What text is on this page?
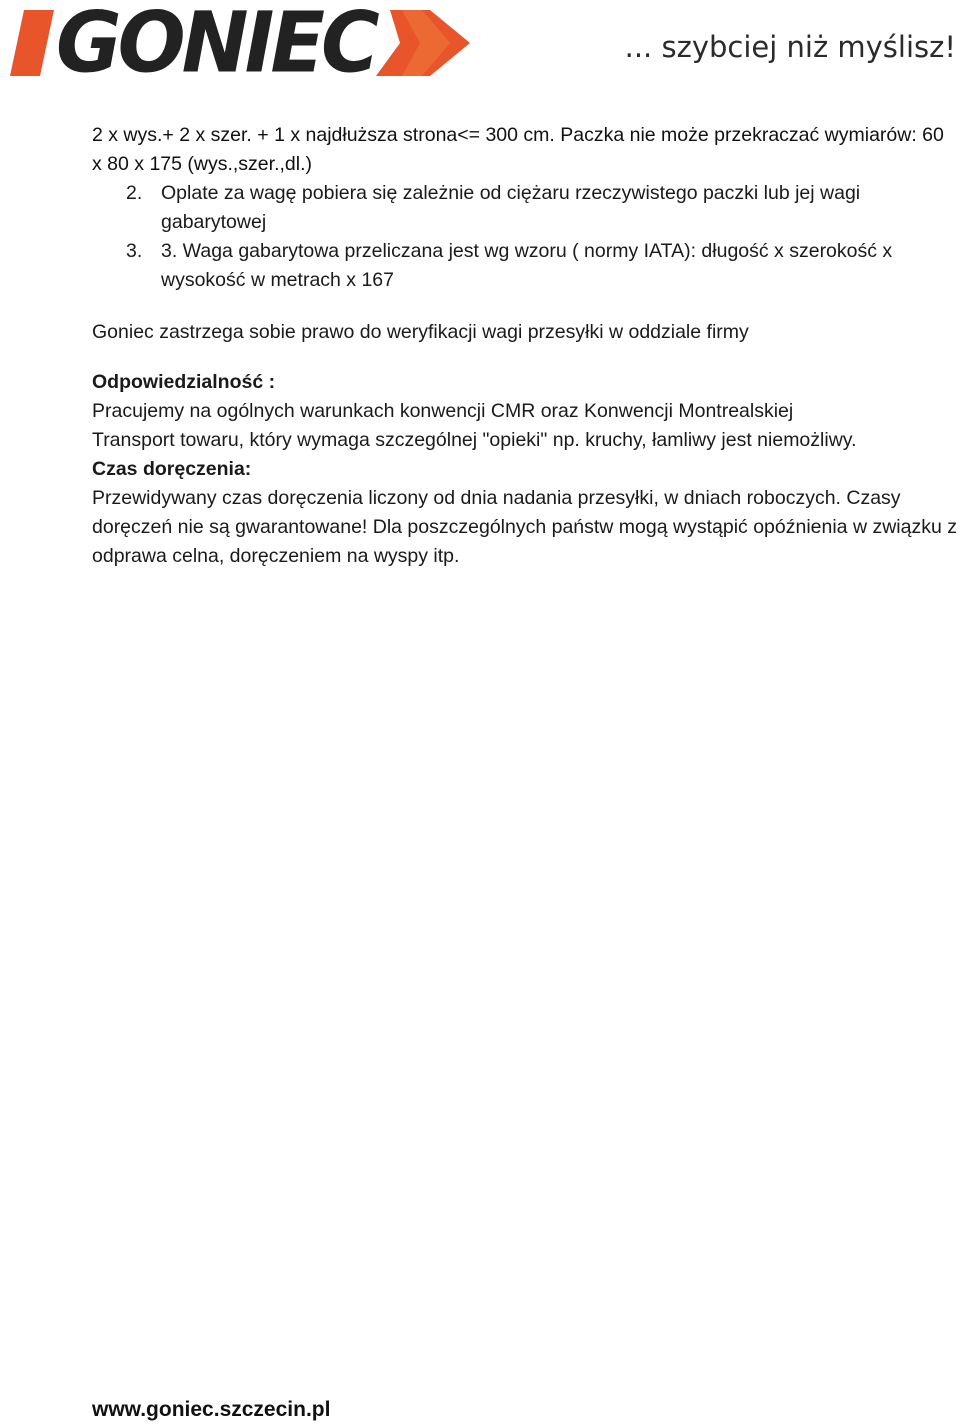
GONIEC	... szybciej niż myślisz!

2 x wys.+ 2 x szer. + 1 x najdłuższa strona<= 300 cm. Paczka nie może przekraczać wymiarów: 60 x 80 x 175 (wys.,szer.,dl.)

2. Oplate za wagę pobiera się zależnie od ciężaru rzeczywistego paczki lub jej wagi gabarytowej
3. 3. Waga gabarytowa przeliczana jest wg wzoru ( normy IATA): długość x szerokość x wysokość w metrach x 167

Goniec zastrzega sobie prawo do weryfikacji wagi przesyłki w oddziale firmy

Odpowiedzialność :

Pracujemy na ogólnych warunkach konwencji CMR oraz Konwencji Montrealskiej

Transport towaru, który wymaga szczególnej "opieki" np. kruchy, łamliwy jest niemożliwy.

Czas doręczenia:

Przewidywany czas doręczenia liczony od dnia nadania przesyłki, w dniach roboczych. Czasy doręczeń nie są gwarantowane! Dla poszczególnych państw mogą wystąpić opóźnienia w związku z odprawa celna, doręczeniem na wyspy itp.

www.goniec.szczecin.pl
